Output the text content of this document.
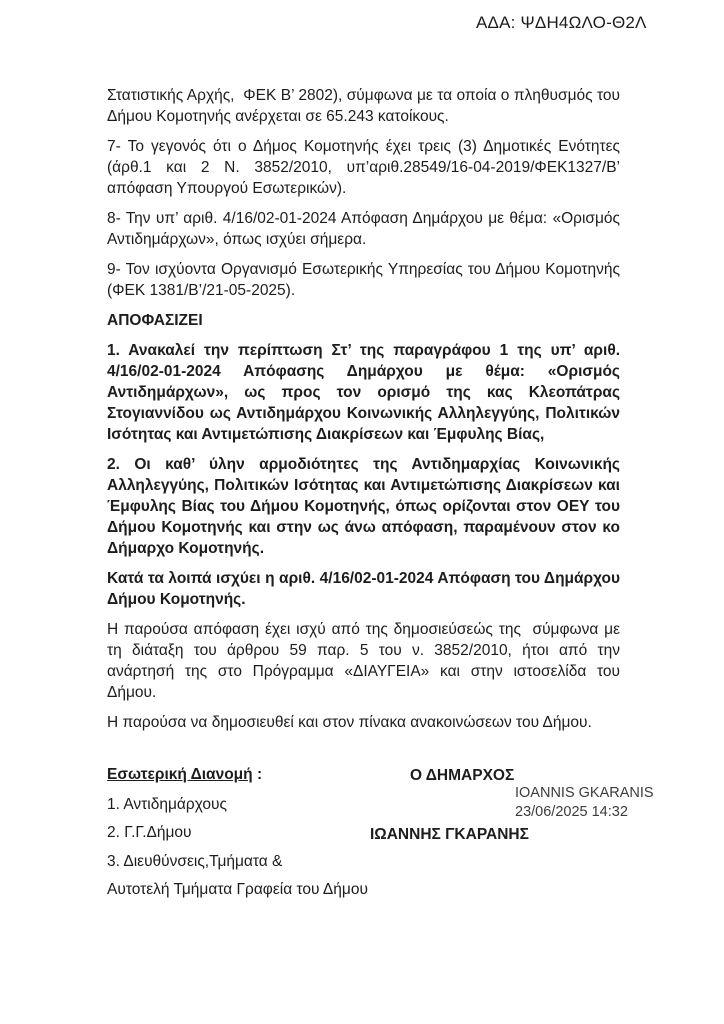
ΑΔΑ: ΨΔΗ4ΩΛΟ-Θ2Λ

Στατιστικής Αρχής,  ΦΕΚ Β’ 2802), σύμφωνα με τα οποία ο πληθυσμός του Δήμου Κομοτηνής ανέρχεται σε 65.243 κατοίκους.

7- Το γεγονός ότι ο Δήμος Κομοτηνής έχει τρεις (3) Δημοτικές Ενότητες (άρθ.1 και 2 Ν. 3852/2010, υπ’αριθ.28549/16-04-2019/ΦΕΚ1327/Β’ απόφαση Υπουργού Εσωτερικών).

8- Την υπ’ αριθ. 4/16/02-01-2024 Απόφαση Δημάρχου με θέμα: «Ορισμός Αντιδημάρχων», όπως ισχύει σήμερα.

9- Τον ισχύοντα Οργανισμό Εσωτερικής Υπηρεσίας του Δήμου Κομοτηνής (ΦΕΚ 1381/Β’/21-05-2025).

ΑΠΟΦΑΣΙΖΕΙ

1. Ανακαλεί την περίπτωση Στ’ της παραγράφου 1 της υπ’ αριθ. 4/16/02-01-2024 Απόφασης Δημάρχου με θέμα: «Ορισμός Αντιδημάρχων», ως προς τον ορισμό της κας Κλεοπάτρας Στογιαννίδου ως Αντιδημάρχου Κοινωνικής Αλληλεγγύης, Πολιτικών Ισότητας και Αντιμετώπισης Διακρίσεων και Έμφυλης Βίας,

2. Οι καθ’ ύλην αρμοδιότητες της Αντιδημαρχίας Κοινωνικής Αλληλεγγύης, Πολιτικών Ισότητας και Αντιμετώπισης Διακρίσεων και Έμφυλης Βίας του Δήμου Κομοτηνής, όπως ορίζονται στον ΟΕΥ του Δήμου Κομοτηνής και στην ως άνω απόφαση, παραμένουν στον κο Δήμαρχο Κομοτηνής.

Κατά τα λοιπά ισχύει η αριθ. 4/16/02-01-2024 Απόφαση του Δημάρχου Δήμου Κομοτηνής.

Η παρούσα απόφαση έχει ισχύ από της δημοσιεύσεώς της  σύμφωνα με τη διάταξη του άρθρου 59 παρ. 5 του ν. 3852/2010, ήτοι από την ανάρτησή της στο Πρόγραμμα «ΔΙΑΥΓΕΙΑ» και στην ιστοσελίδα του Δήμου.

Η παρούσα να δημοσιευθεί και στον πίνακα ανακοινώσεων του Δήμου.

Εσωτερική Διανομή :
1. Αντιδημάρχους
2. Γ.Γ.Δήμου
3. Διευθύνσεις,Τμήματα &
Αυτοτελή Τμήματα Γραφεία του Δήμου
Ο ΔΗΜΑΡΧΟΣ
IOANNIS GKARANIS
23/06/2025 14:32
ΙΩΑΝΝΗΣ ΓΚΑΡΑΝΗΣ
